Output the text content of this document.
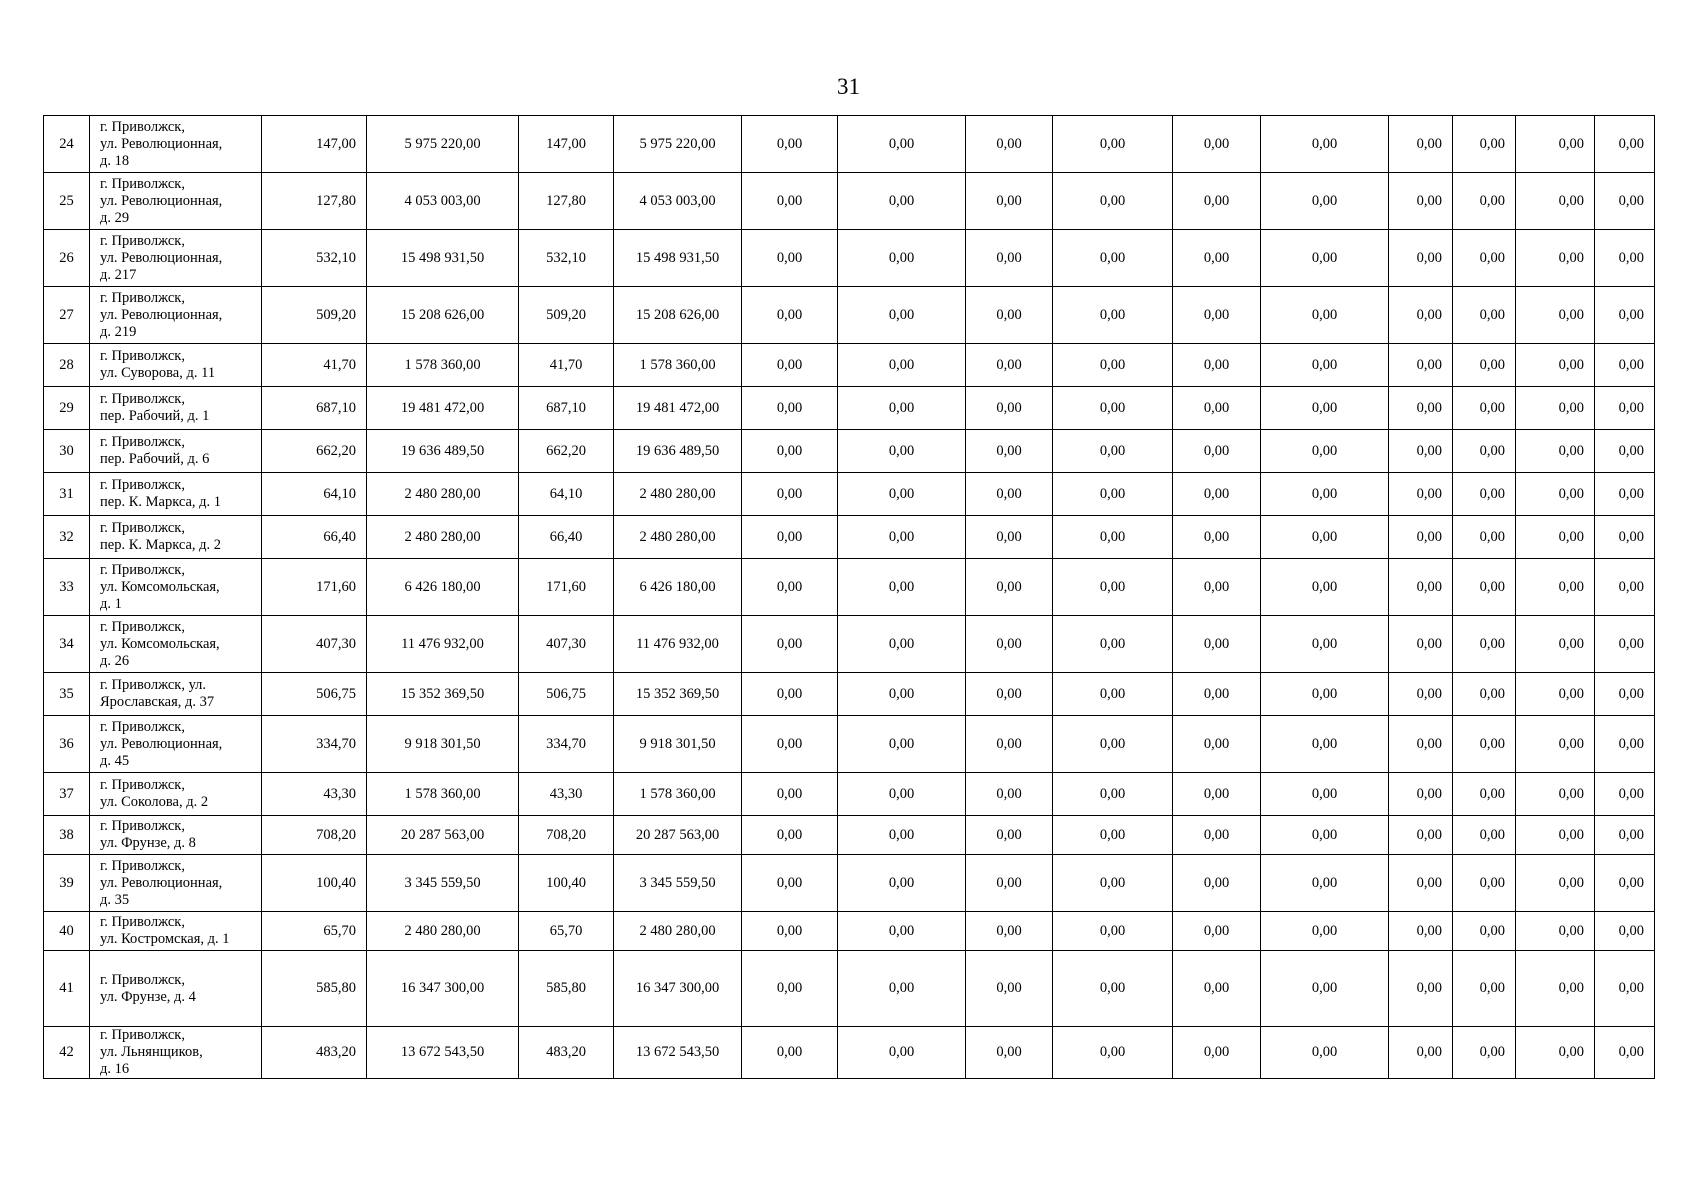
31
24	г. Приволжск,
ул. Революционная,
д. 18	147,00	5 975 220,00	147,00	5 975 220,00	0,00	0,00	0,00	0,00	0,00	0,00	0,00	0,00	0,00	0,00
25	г. Приволжск,
ул. Революционная,
д. 29	127,80	4 053 003,00	127,80	4 053 003,00	0,00	0,00	0,00	0,00	0,00	0,00	0,00	0,00	0,00	0,00
26	г. Приволжск,
ул. Революционная,
д. 217	532,10	15 498 931,50	532,10	15 498 931,50	0,00	0,00	0,00	0,00	0,00	0,00	0,00	0,00	0,00	0,00
27	г. Приволжск,
ул. Революционная,
д. 219	509,20	15 208 626,00	509,20	15 208 626,00	0,00	0,00	0,00	0,00	0,00	0,00	0,00	0,00	0,00	0,00
28	г. Приволжск,
ул. Суворова, д. 11	41,70	1 578 360,00	41,70	1 578 360,00	0,00	0,00	0,00	0,00	0,00	0,00	0,00	0,00	0,00	0,00
29	г. Приволжск,
пер. Рабочий, д. 1	687,10	19 481 472,00	687,10	19 481 472,00	0,00	0,00	0,00	0,00	0,00	0,00	0,00	0,00	0,00	0,00
30	г. Приволжск,
пер. Рабочий, д. 6	662,20	19 636 489,50	662,20	19 636 489,50	0,00	0,00	0,00	0,00	0,00	0,00	0,00	0,00	0,00	0,00
31	г. Приволжск,
пер. К. Маркса, д. 1	64,10	2 480 280,00	64,10	2 480 280,00	0,00	0,00	0,00	0,00	0,00	0,00	0,00	0,00	0,00	0,00
32	г. Приволжск,
пер. К. Маркса, д. 2	66,40	2 480 280,00	66,40	2 480 280,00	0,00	0,00	0,00	0,00	0,00	0,00	0,00	0,00	0,00	0,00
33	г. Приволжск,
ул. Комсомольская,
д. 1	171,60	6 426 180,00	171,60	6 426 180,00	0,00	0,00	0,00	0,00	0,00	0,00	0,00	0,00	0,00	0,00
34	г. Приволжск,
ул. Комсомольская,
д. 26	407,30	11 476 932,00	407,30	11 476 932,00	0,00	0,00	0,00	0,00	0,00	0,00	0,00	0,00	0,00	0,00
35	г. Приволжск, ул.
Ярославская, д. 37	506,75	15 352 369,50	506,75	15 352 369,50	0,00	0,00	0,00	0,00	0,00	0,00	0,00	0,00	0,00	0,00
36	г. Приволжск,
ул. Революционная,
д. 45	334,70	9 918 301,50	334,70	9 918 301,50	0,00	0,00	0,00	0,00	0,00	0,00	0,00	0,00	0,00	0,00
37	г. Приволжск,
ул. Соколова, д. 2	43,30	1 578 360,00	43,30	1 578 360,00	0,00	0,00	0,00	0,00	0,00	0,00	0,00	0,00	0,00	0,00
38	г. Приволжск,
ул. Фрунзе, д. 8	708,20	20 287 563,00	708,20	20 287 563,00	0,00	0,00	0,00	0,00	0,00	0,00	0,00	0,00	0,00	0,00
39	г. Приволжск,
ул. Революционная,
д. 35	100,40	3 345 559,50	100,40	3 345 559,50	0,00	0,00	0,00	0,00	0,00	0,00	0,00	0,00	0,00	0,00
40	г. Приволжск,
ул. Костромская, д. 1	65,70	2 480 280,00	65,70	2 480 280,00	0,00	0,00	0,00	0,00	0,00	0,00	0,00	0,00	0,00	0,00
41	г. Приволжск,
ул. Фрунзе, д. 4	585,80	16 347 300,00	585,80	16 347 300,00	0,00	0,00	0,00	0,00	0,00	0,00	0,00	0,00	0,00	0,00
42	г. Приволжск,
ул. Льнянщиков,
д. 16	483,20	13 672 543,50	483,20	13 672 543,50	0,00	0,00	0,00	0,00	0,00	0,00	0,00	0,00	0,00	0,00
